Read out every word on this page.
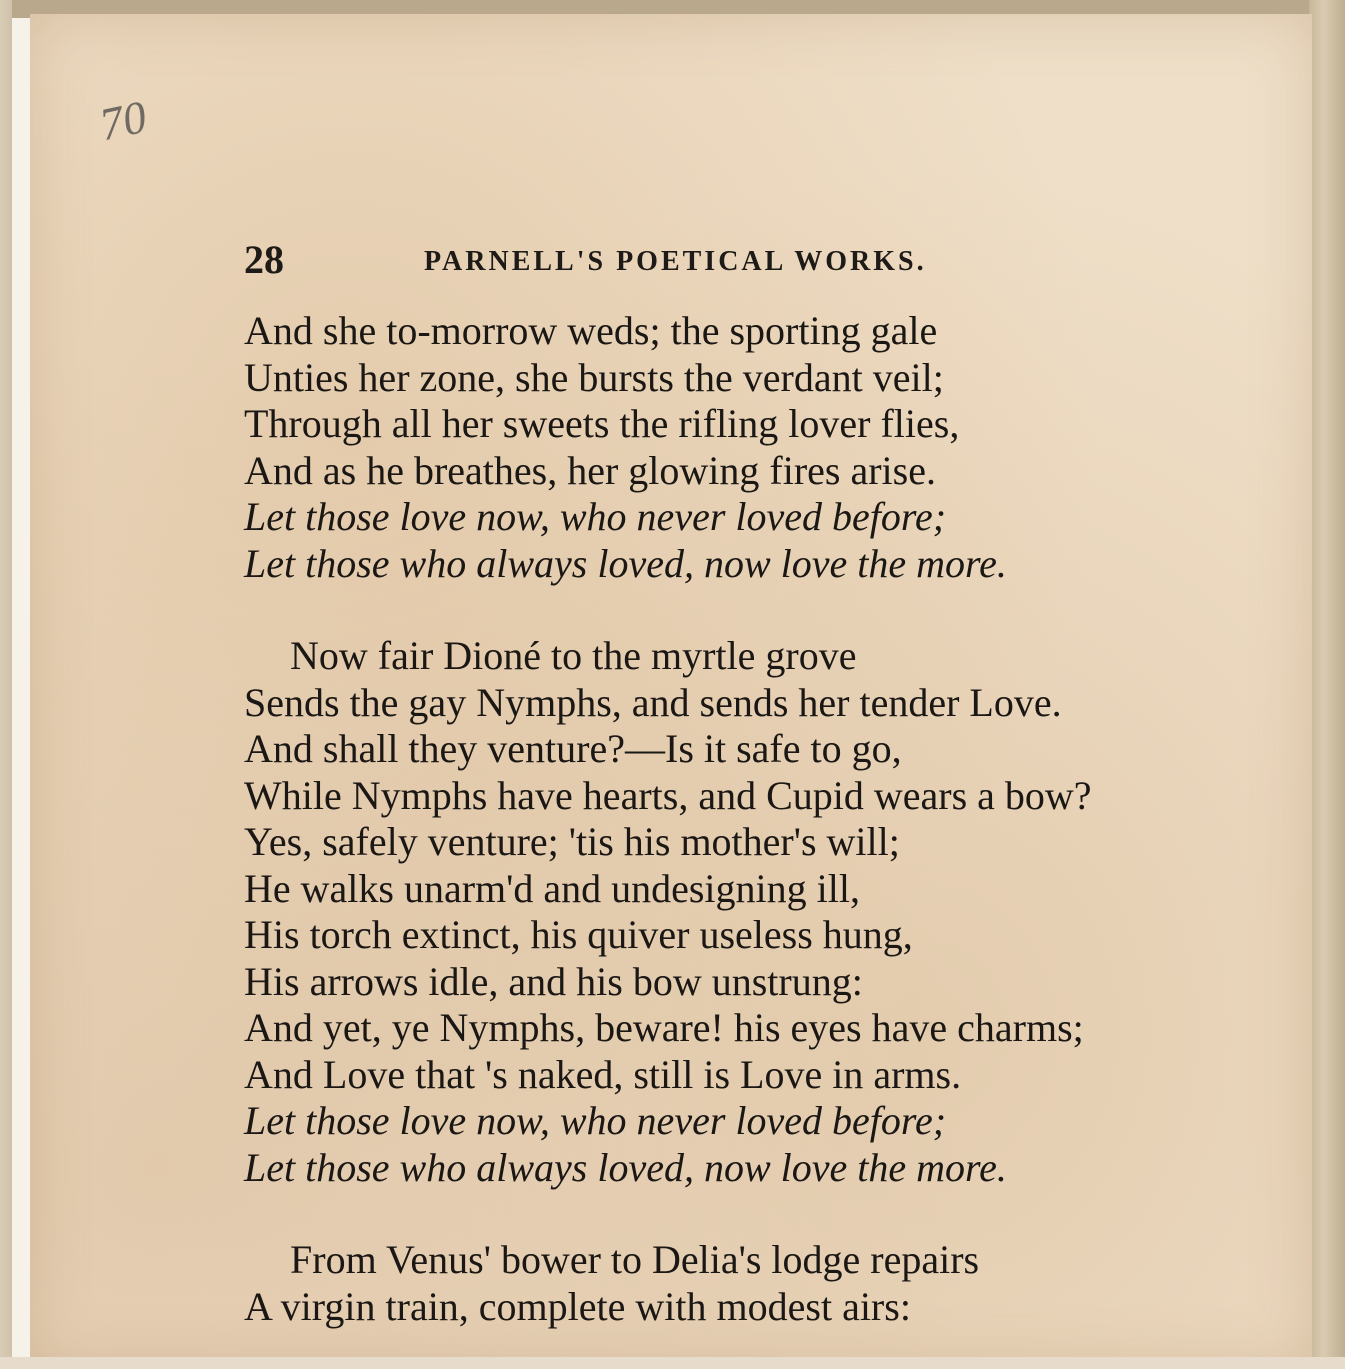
70
28	PARNELL'S POETICAL WORKS.
And she to-morrow weds; the sporting gale
Unties her zone, she bursts the verdant veil;
Through all her sweets the rifling lover flies,
And as he breathes, her glowing fires arise.
Let those love now, who never loved before;
Let those who always loved, now love the more.
Now fair Dioné to the myrtle grove
Sends the gay Nymphs, and sends her tender Love.
And shall they venture?—Is it safe to go,
While Nymphs have hearts, and Cupid wears a bow?
Yes, safely venture; 'tis his mother's will;
He walks unarm'd and undesigning ill,
His torch extinct, his quiver useless hung,
His arrows idle, and his bow unstrung:
And yet, ye Nymphs, beware! his eyes have charms;
And Love that 's naked, still is Love in arms.
Let those love now, who never loved before;
Let those who always loved, now love the more.
From Venus' bower to Delia's lodge repairs
A virgin train, complete with modest airs:
